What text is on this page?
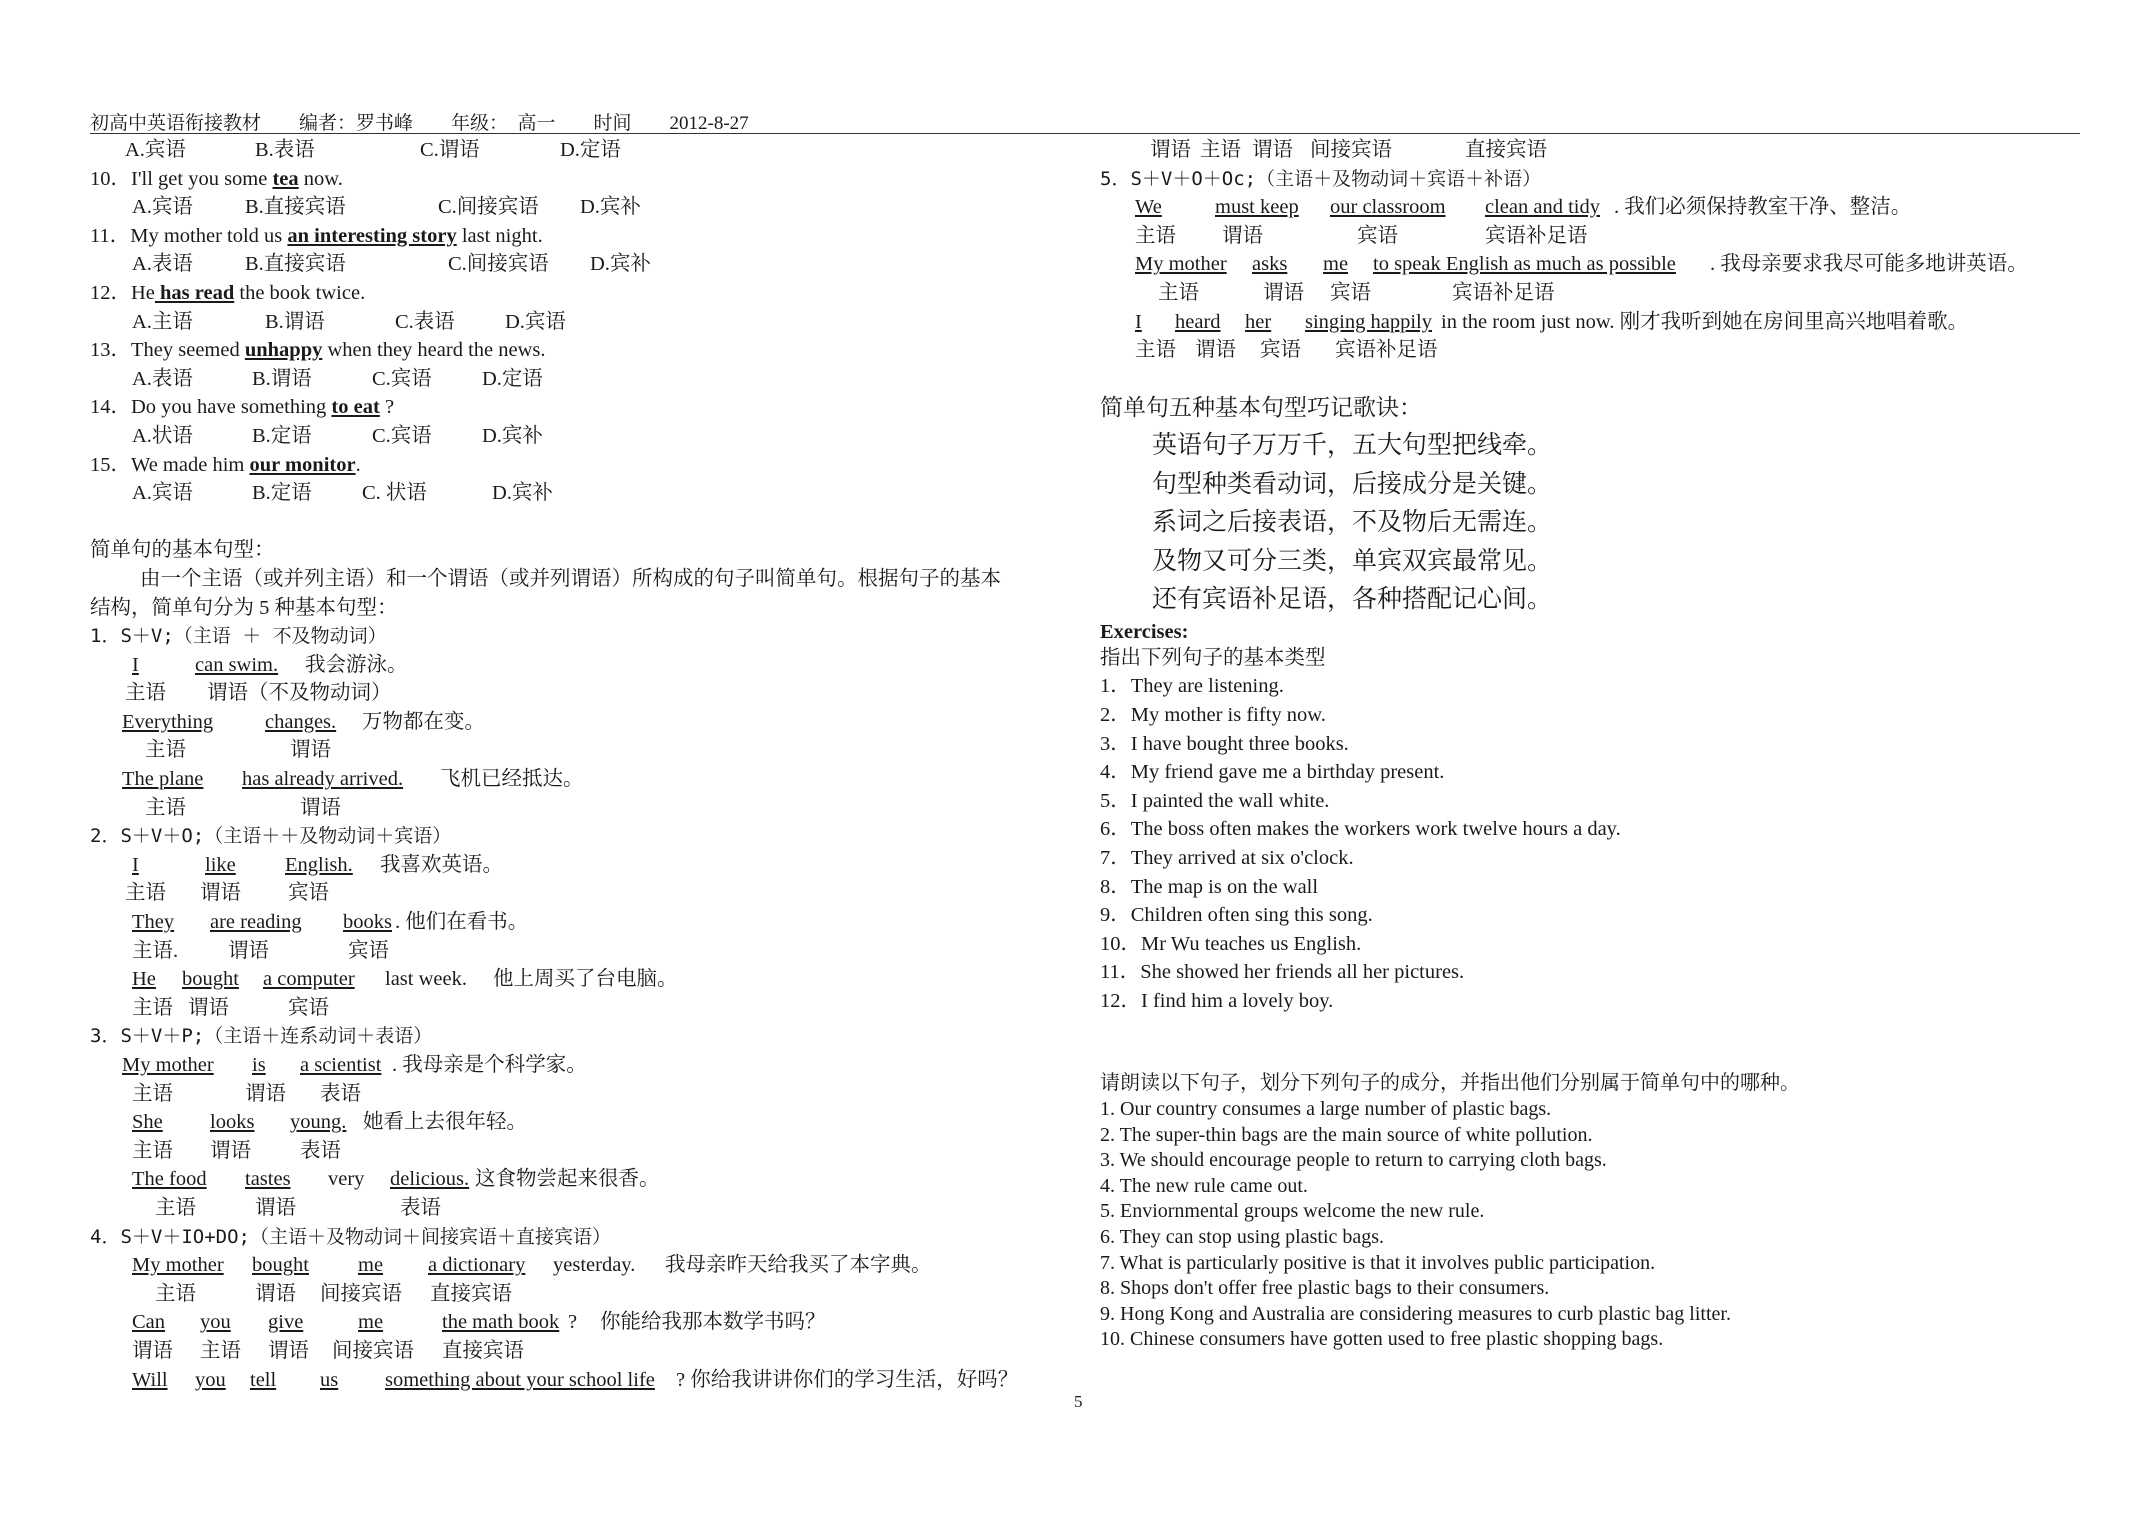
初高中英语衔接教材　　编者：罗书峰　　年级：　高一　　时间　　2012-8-27
A.宾语	B.表语	C.谓语	D.定语
10．I'll get you some tea now.
A.宾语	B.直接宾语	C.间接宾语 D.宾补
11．My mother told us an interesting story last night.
A.表语	B.直接宾语	C.间接宾语 D.宾补
12．He has read the book twice.
A.主语	B.谓语	C.表语 D.宾语
13．They seemed unhappy when they heard the news.
A.表语	B.谓语	C.宾语 D.定语
14．Do you have something to eat ?
A.状语	B.定语	C.宾语 D.宾补
15．We made him our monitor.
A.宾语	B.定语 C. 状语	D.宾补
简单句的基本句型：
由一个主语（或并列主语）和一个谓语（或并列谓语）所构成的句子叫简单句。根据句子的基本
结构，简单句分为 5 种基本句型：
1．S＋V;（主语 ＋ 不及物动词）
I	can swim. 我会游泳。
主语　　谓语（不及物动词）
Everything	changes. 万物都在变。
主语	谓语
The plane has already arrived. 飞机已经抵达。
主语	谓语
2．S＋V＋O;（主语＋＋及物动词＋宾语）
I	like English. 我喜欢英语。
主语 谓语 宾语
They are reading books . 他们在看书。
主语. 谓语	宾语
He bought a computer last week. 他上周买了台电脑。
主语 谓语	宾语
3．S＋V＋P;（主语＋连系动词＋表语）
My mother is a scientist . 我母亲是个科学家。
主语	谓语 表语
She looks young. 她看上去很年轻。
主语 谓语 表语
The food tastes very delicious. 这食物尝起来很香。
主语	谓语	表语
4．S＋V＋IO+DO;（主语＋及物动词＋间接宾语＋直接宾语）
My mother bought me a dictionary yesterday. 我母亲昨天给我买了本字典。
主语	谓语 间接宾语 直接宾语
Can you give	me	the math book ? 你能给我那本数学书吗？
谓语 主语 谓语 间接宾语 直接宾语
Will you tell us something about your school life ? 你给我讲讲你们的学习生活，好吗？
谓语 主语 谓语 间接宾语	直接宾语
5．S＋V＋O＋Oc;（主语＋及物动词＋宾语＋补语）
We	must keep our classroom clean and tidy . 我们必须保持教室干净、整洁。
主语 谓语	宾语	宾语补足语
My mother asks me to speak English as much as possible . 我母亲要求我尽可能多地讲英语。
主语	谓语 宾语	宾语补足语
I heard her singing happily in the room just now. 刚才我听到她在房间里高兴地唱着歌。
主语 谓语 宾语 宾语补足语
简单句五种基本句型巧记歌诀：
英语句子万万千，五大句型把线牵。
句型种类看动词，后接成分是关键。
系词之后接表语，不及物后无需连。
及物又可分三类，单宾双宾最常见。
还有宾语补足语，各种搭配记心间。
Exercises:
指出下列句子的基本类型
1．They are listening.
2．My mother is fifty now.
3．I have bought three books.
4．My friend gave me a birthday present.
5．I painted the wall white.
6．The boss often makes the workers work twelve hours a day.
7．They arrived at six o'clock.
8．The map is on the wall
9．Children often sing this song.
10．Mr Wu teaches us English.
11．She showed her friends all her pictures.
12．I find him a lovely boy.
请朗读以下句子，划分下列句子的成分，并指出他们分别属于简单句中的哪种。
1. Our country consumes a large number of plastic bags.
2. The super-thin bags are the main source of white pollution.
3. We should encourage people to return to carrying cloth bags.
4. The new rule came out.
5. Enviornmental groups welcome the new rule.
6. They can stop using plastic bags.
7. What is particularly positive is that it involves public participation.
8. Shops don't offer free plastic bags to their consumers.
9. Hong Kong and Australia are considering measures to curb plastic bag litter.
10. Chinese consumers have gotten used to free plastic shopping bags.
5
